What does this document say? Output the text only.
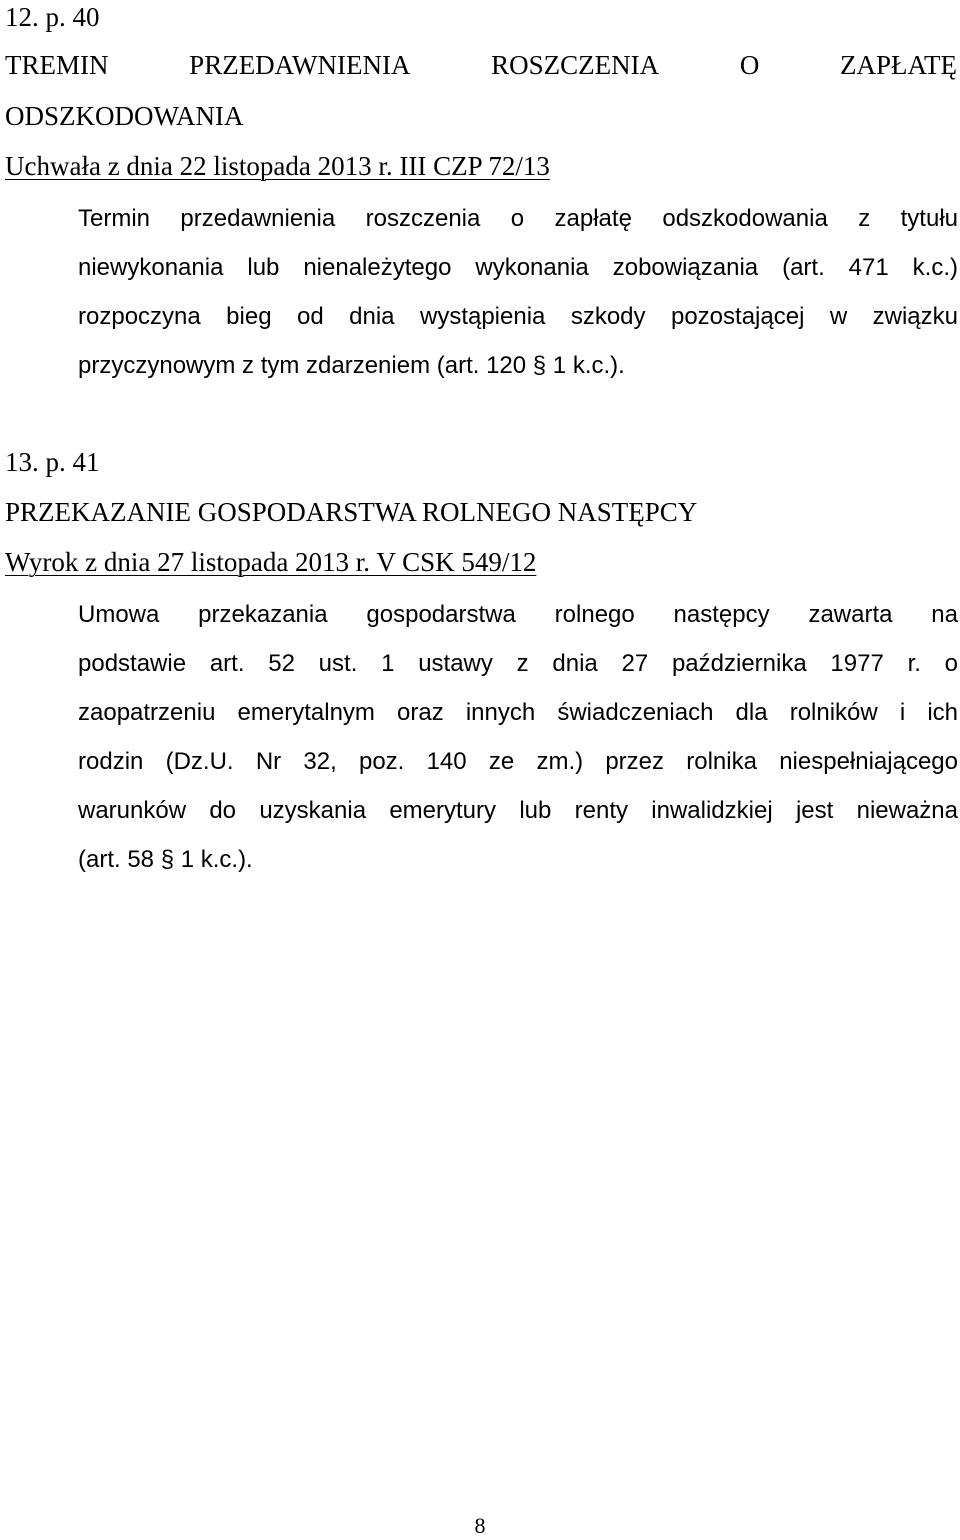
12. p. 40
TREMIN	PRZEDAWNIENIA	ROSZCZENIA	O	ZAPŁATĘ
ODSZKODOWANIA
Uchwała z dnia 22 listopada 2013 r. III CZP 72/13
Termin przedawnienia roszczenia o zapłatę odszkodowania z tytułu
niewykonania lub nienależytego wykonania zobowiązania (art. 471 k.c.)
rozpoczyna bieg od dnia wystąpienia szkody pozostającej w związku
przyczynowym z tym zdarzeniem (art. 120 § 1 k.c.).
13. p. 41
PRZEKAZANIE GOSPODARSTWA ROLNEGO NASTĘPCY
Wyrok z dnia 27 listopada 2013 r. V CSK 549/12
Umowa przekazania gospodarstwa rolnego następcy zawarta na
podstawie art. 52 ust. 1 ustawy z dnia 27 października 1977 r. o
zaopatrzeniu emerytalnym oraz innych świadczeniach dla rolników i ich
rodzin (Dz.U. Nr 32, poz. 140 ze zm.) przez rolnika niespełniającego
warunków do uzyskania emerytury lub renty inwalidzkiej jest nieważna
(art. 58 § 1 k.c.).
8
